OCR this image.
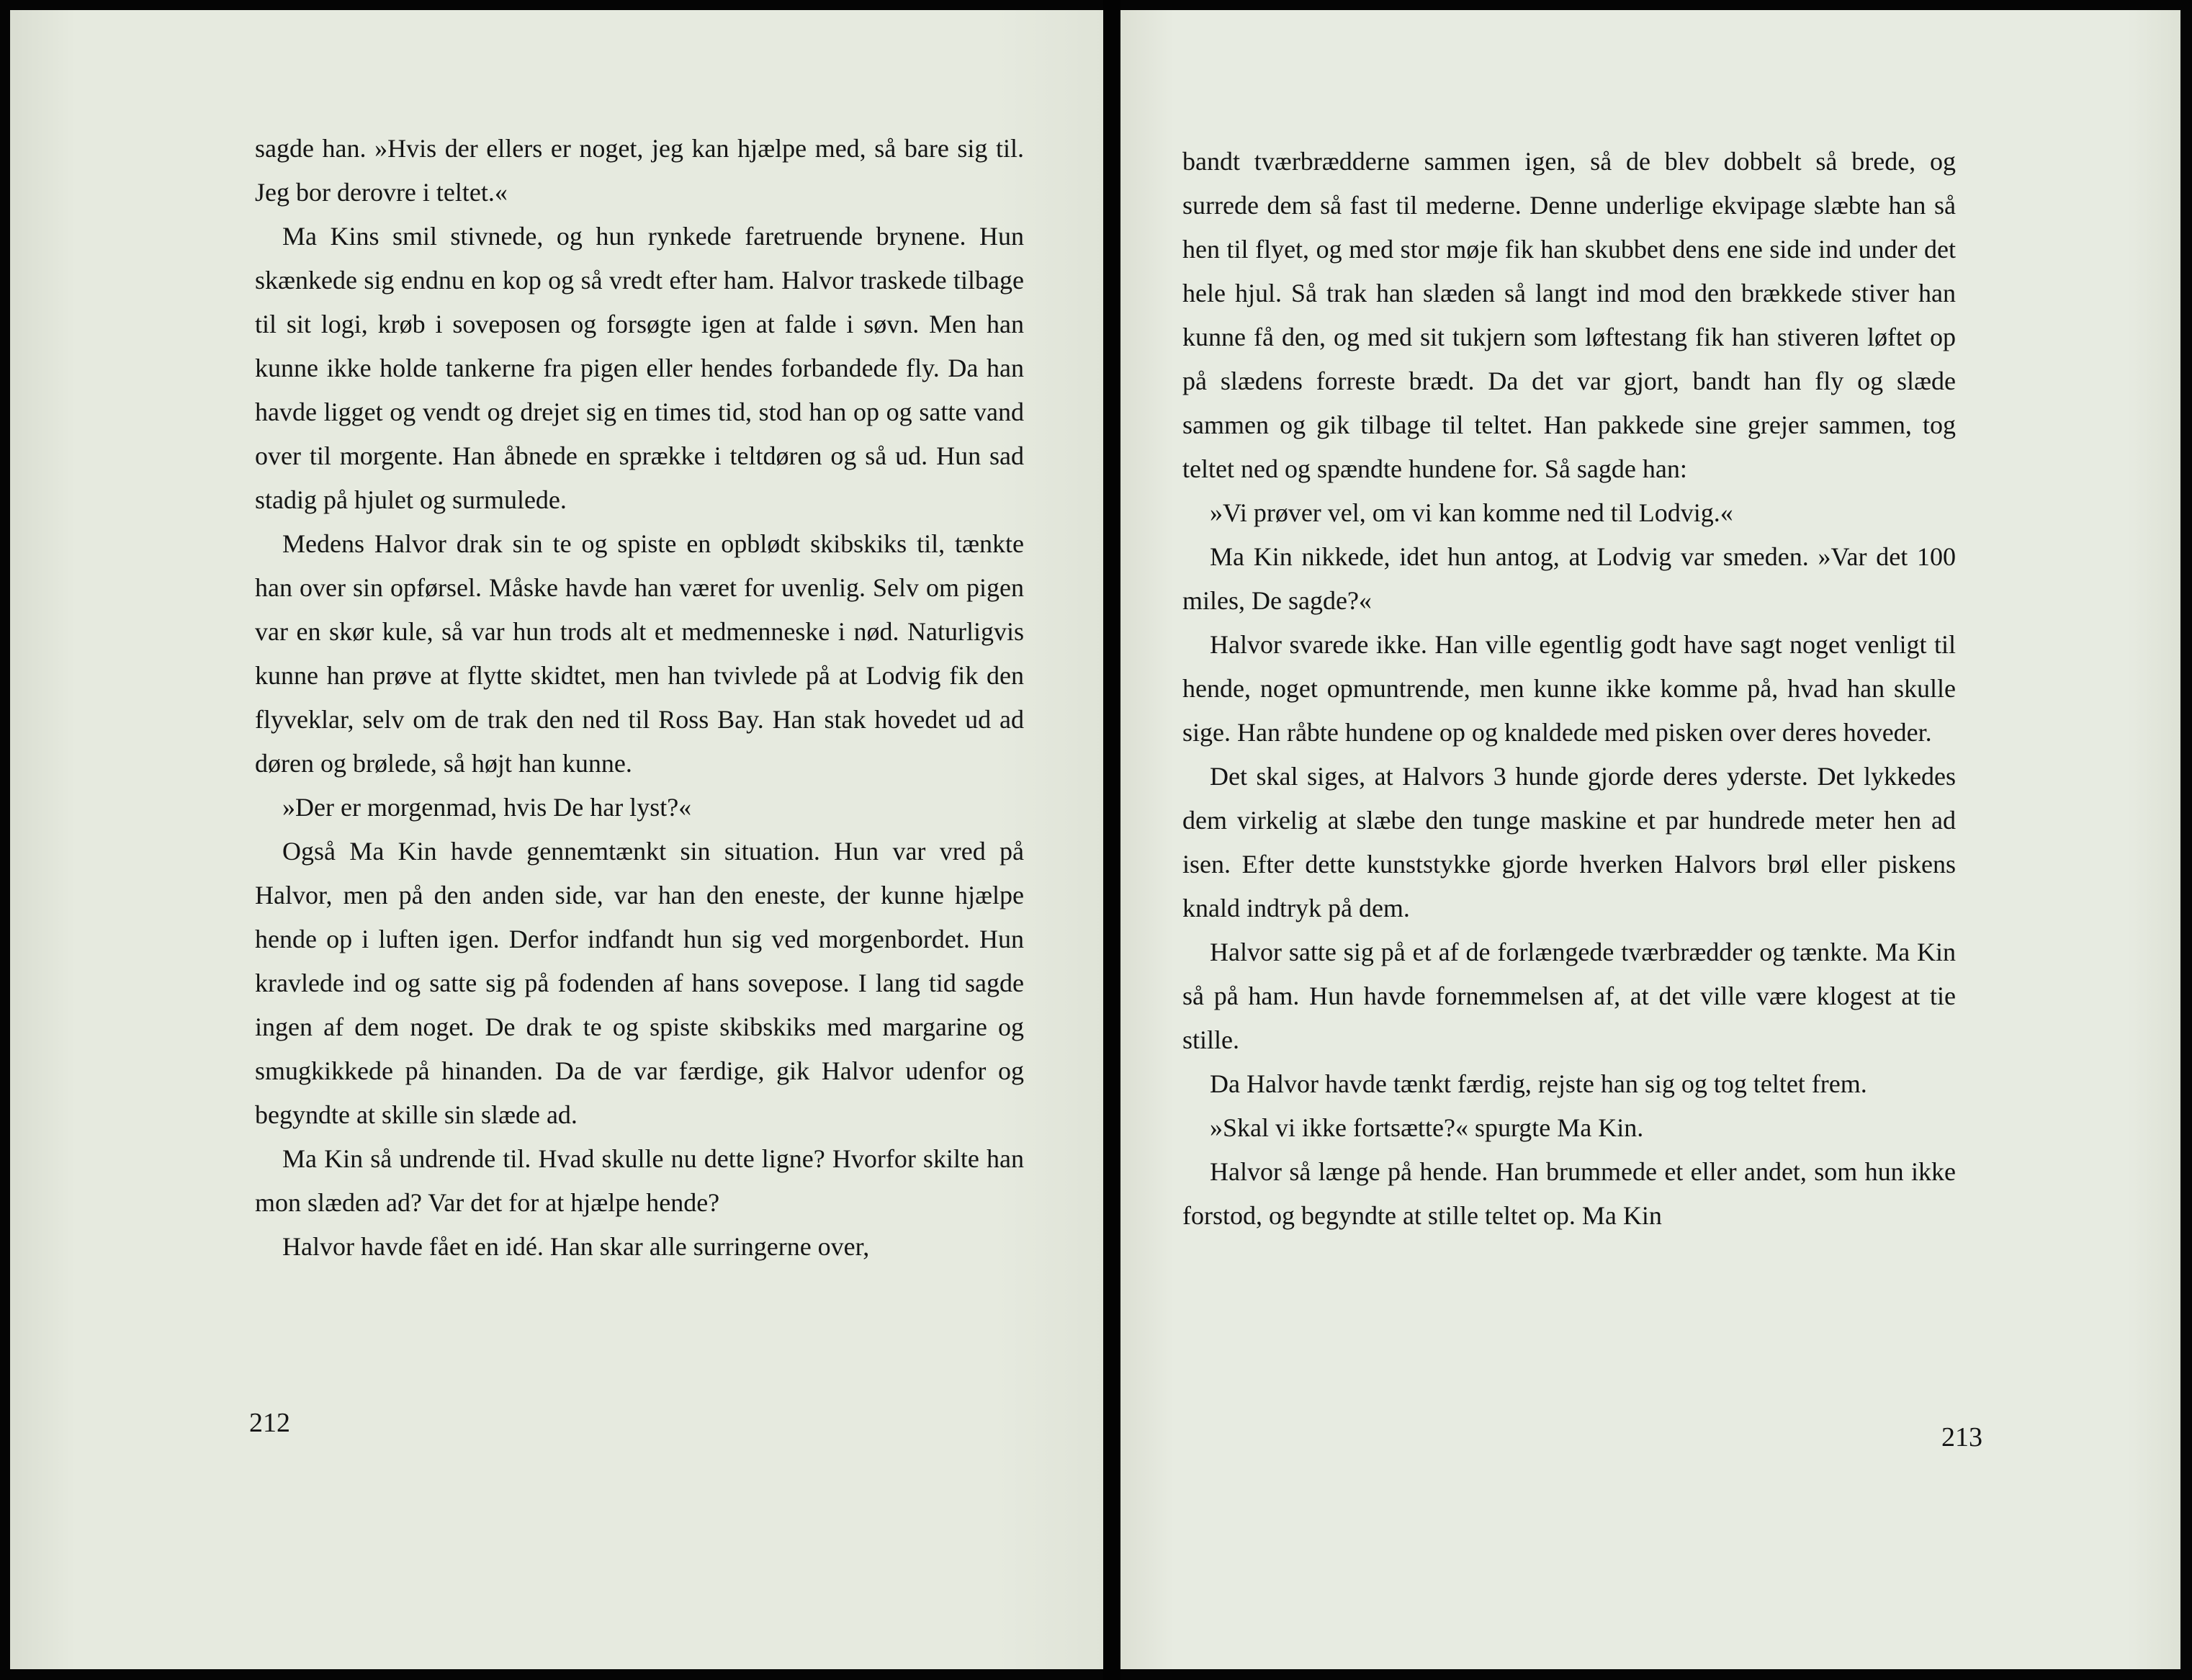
sagde han. »Hvis der ellers er noget, jeg kan hjælpe med, så bare sig til. Jeg bor derovre i teltet.«

Ma Kins smil stivnede, og hun rynkede faretruende brynene. Hun skænkede sig endnu en kop og så vredt efter ham. Halvor traskede tilbage til sit logi, krøb i soveposen og forsøgte igen at falde i søvn. Men han kunne ikke holde tankerne fra pigen eller hendes forbandede fly. Da han havde ligget og vendt og drejet sig en times tid, stod han op og satte vand over til morgente. Han åbnede en sprække i teltdøren og så ud. Hun sad stadig på hjulet og surmulede.

Medens Halvor drak sin te og spiste en opblødt skibskiks til, tænkte han over sin opførsel. Måske havde han været for uvenlig. Selv om pigen var en skør kule, så var hun trods alt et medmenneske i nød. Naturligvis kunne han prøve at flytte skidtet, men han tvivlede på at Lodvig fik den flyveklar, selv om de trak den ned til Ross Bay. Han stak hovedet ud ad døren og brølede, så højt han kunne.

»Der er morgenmad, hvis De har lyst?«

Også Ma Kin havde gennemtænkt sin situation. Hun var vred på Halvor, men på den anden side, var han den eneste, der kunne hjælpe hende op i luften igen. Derfor indfandt hun sig ved morgenbordet. Hun kravlede ind og satte sig på fodenden af hans sovepose. I lang tid sagde ingen af dem noget. De drak te og spiste skibskiks med margarine og smugkikkede på hinanden. Da de var færdige, gik Halvor udenfor og begyndte at skille sin slæde ad.

Ma Kin så undrende til. Hvad skulle nu dette ligne? Hvorfor skilte han mon slæden ad? Var det for at hjælpe hende?

Halvor havde fået en idé. Han skar alle surringerne over,

212

bandt tværbrædderne sammen igen, så de blev dobbelt så brede, og surrede dem så fast til mederne. Denne underlige ekvipage slæbte han så hen til flyet, og med stor møje fik han skubbet dens ene side ind under det hele hjul. Så trak han slæden så langt ind mod den brækkede stiver han kunne få den, og med sit tukjern som løftestang fik han stiveren løftet op på slædens forreste brædt. Da det var gjort, bandt han fly og slæde sammen og gik tilbage til teltet. Han pakkede sine grejer sammen, tog teltet ned og spændte hundene for. Så sagde han:

»Vi prøver vel, om vi kan komme ned til Lodvig.«

Ma Kin nikkede, idet hun antog, at Lodvig var smeden. »Var det 100 miles, De sagde?«

Halvor svarede ikke. Han ville egentlig godt have sagt noget venligt til hende, noget opmuntrende, men kunne ikke komme på, hvad han skulle sige. Han råbte hundene op og knaldede med pisken over deres hoveder.

Det skal siges, at Halvors 3 hunde gjorde deres yderste. Det lykkedes dem virkelig at slæbe den tunge maskine et par hundrede meter hen ad isen. Efter dette kunststykke gjorde hverken Halvors brøl eller piskens knald indtryk på dem.

Halvor satte sig på et af de forlængede tværbrædder og tænkte. Ma Kin så på ham. Hun havde fornemmelsen af, at det ville være klogest at tie stille.

Da Halvor havde tænkt færdig, rejste han sig og tog teltet frem.

»Skal vi ikke fortsætte?« spurgte Ma Kin.

Halvor så længe på hende. Han brummede et eller andet, som hun ikke forstod, og begyndte at stille teltet op. Ma Kin

213
